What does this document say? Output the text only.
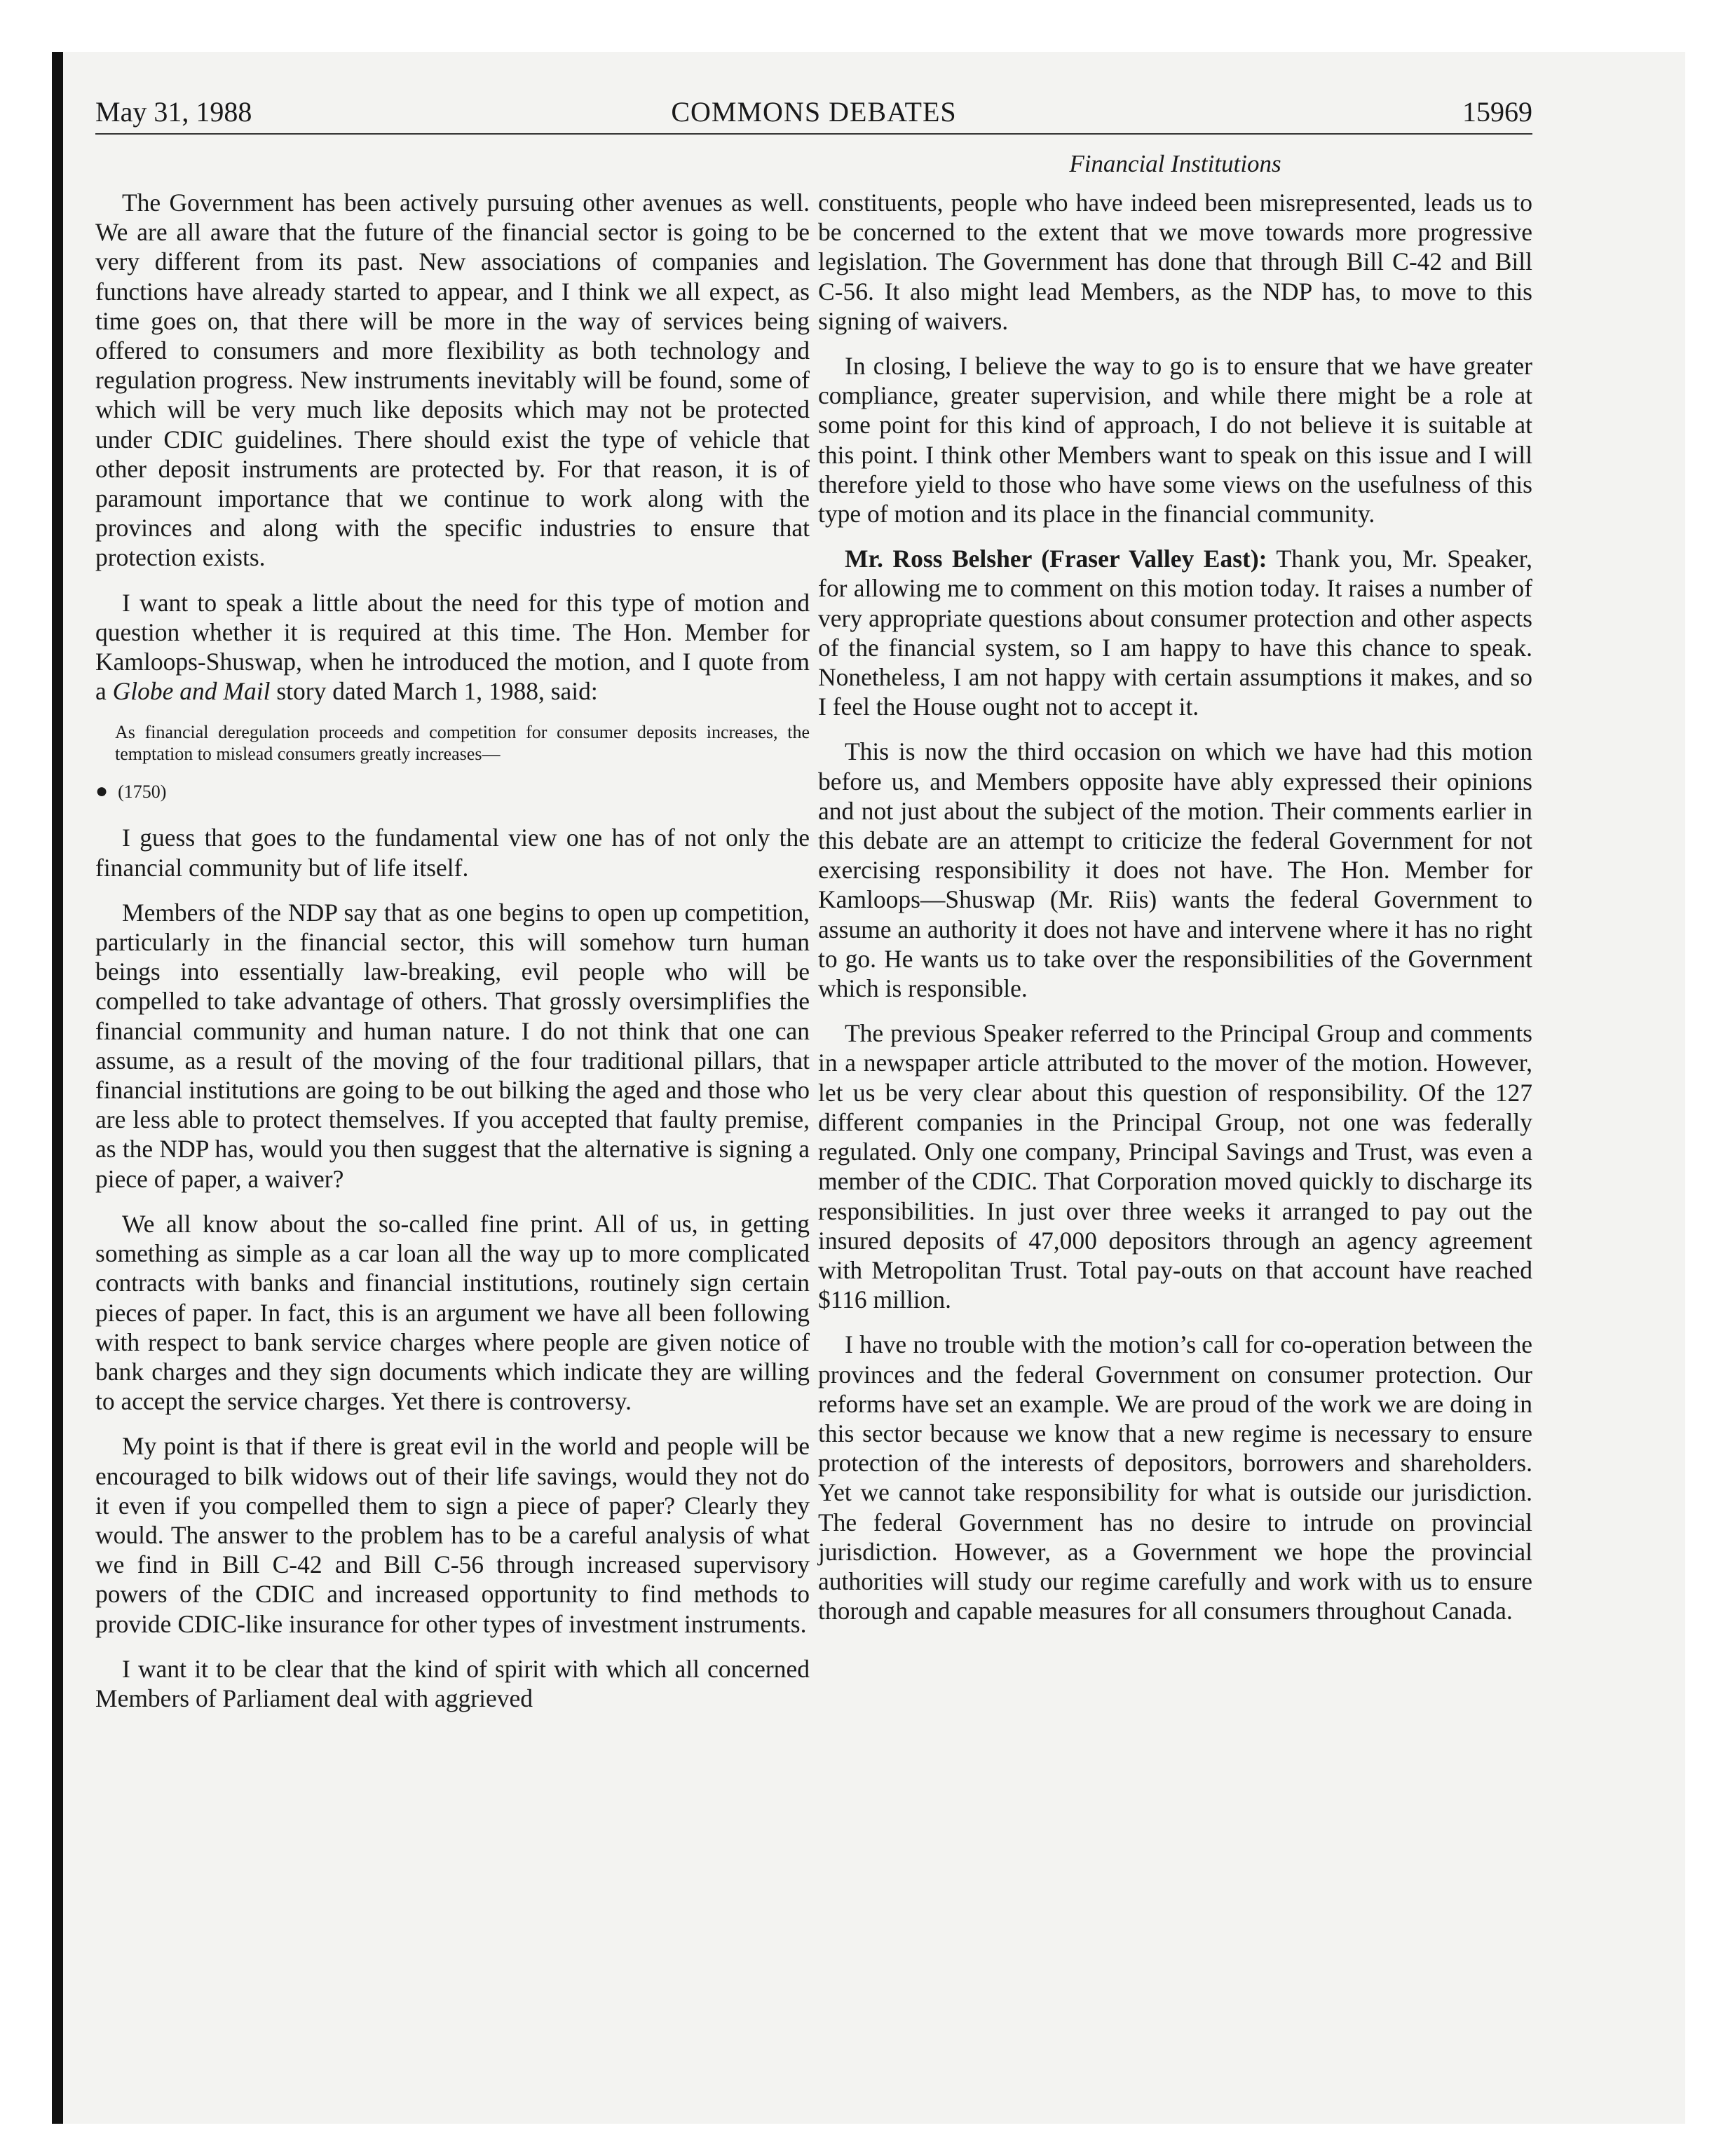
May 31, 1988	COMMONS DEBATES	15969
Financial Institutions

The Government has been actively pursuing other avenues as well. We are all aware that the future of the financial sector is going to be very different from its past. New associations of companies and functions have already started to appear, and I think we all expect, as time goes on, that there will be more in the way of services being offered to consumers and more flexibility as both technology and regulation progress. New instruments inevitably will be found, some of which will be very much like deposits which may not be protected under CDIC guidelines. There should exist the type of vehicle that other deposit instruments are protected by. For that reason, it is of paramount importance that we continue to work along with the provinces and along with the specific industries to ensure that protection exists.

I want to speak a little about the need for this type of motion and question whether it is required at this time. The Hon. Member for Kamloops-Shuswap, when he introduced the motion, and I quote from a Globe and Mail story dated March 1, 1988, said:

As financial deregulation proceeds and competition for consumer deposits increases, the temptation to mislead consumers greatly increases—
● (1750)

I guess that goes to the fundamental view one has of not only the financial community but of life itself.

Members of the NDP say that as one begins to open up competition, particularly in the financial sector, this will somehow turn human beings into essentially law-breaking, evil people who will be compelled to take advantage of others. That grossly oversimplifies the financial community and human nature. I do not think that one can assume, as a result of the moving of the four traditional pillars, that financial institutions are going to be out bilking the aged and those who are less able to protect themselves. If you accepted that faulty premise, as the NDP has, would you then suggest that the alternative is signing a piece of paper, a waiver?

We all know about the so-called fine print. All of us, in getting something as simple as a car loan all the way up to more complicated contracts with banks and financial institutions, routinely sign certain pieces of paper. In fact, this is an argument we have all been following with respect to bank service charges where people are given notice of bank charges and they sign documents which indicate they are willing to accept the service charges. Yet there is controversy.

My point is that if there is great evil in the world and people will be encouraged to bilk widows out of their life savings, would they not do it even if you compelled them to sign a piece of paper? Clearly they would. The answer to the problem has to be a careful analysis of what we find in Bill C-42 and Bill C-56 through increased supervisory powers of the CDIC and increased opportunity to find methods to provide CDIC-like insurance for other types of investment instruments.

I want it to be clear that the kind of spirit with which all concerned Members of Parliament deal with aggrieved

constituents, people who have indeed been misrepresented, leads us to be concerned to the extent that we move towards more progressive legislation. The Government has done that through Bill C-42 and Bill C-56. It also might lead Members, as the NDP has, to move to this signing of waivers.

In closing, I believe the way to go is to ensure that we have greater compliance, greater supervision, and while there might be a role at some point for this kind of approach, I do not believe it is suitable at this point. I think other Members want to speak on this issue and I will therefore yield to those who have some views on the usefulness of this type of motion and its place in the financial community.

Mr. Ross Belsher (Fraser Valley East): Thank you, Mr. Speaker, for allowing me to comment on this motion today. It raises a number of very appropriate questions about consumer protection and other aspects of the financial system, so I am happy to have this chance to speak. Nonetheless, I am not happy with certain assumptions it makes, and so I feel the House ought not to accept it.

This is now the third occasion on which we have had this motion before us, and Members opposite have ably expressed their opinions and not just about the subject of the motion. Their comments earlier in this debate are an attempt to criticize the federal Government for not exercising responsibility it does not have. The Hon. Member for Kamloops—Shuswap (Mr. Riis) wants the federal Government to assume an authority it does not have and intervene where it has no right to go. He wants us to take over the responsibilities of the Government which is responsible.

The previous Speaker referred to the Principal Group and comments in a newspaper article attributed to the mover of the motion. However, let us be very clear about this question of responsibility. Of the 127 different companies in the Principal Group, not one was federally regulated. Only one company, Principal Savings and Trust, was even a member of the CDIC. That Corporation moved quickly to discharge its responsibilities. In just over three weeks it arranged to pay out the insured deposits of 47,000 depositors through an agency agreement with Metropolitan Trust. Total pay-outs on that account have reached $116 million.

I have no trouble with the motion’s call for co-operation between the provinces and the federal Government on consumer protection. Our reforms have set an example. We are proud of the work we are doing in this sector because we know that a new regime is necessary to ensure protection of the interests of depositors, borrowers and shareholders. Yet we cannot take responsibility for what is outside our jurisdiction. The federal Government has no desire to intrude on provincial jurisdiction. However, as a Government we hope the provincial authorities will study our regime carefully and work with us to ensure thorough and capable measures for all consumers throughout Canada.
